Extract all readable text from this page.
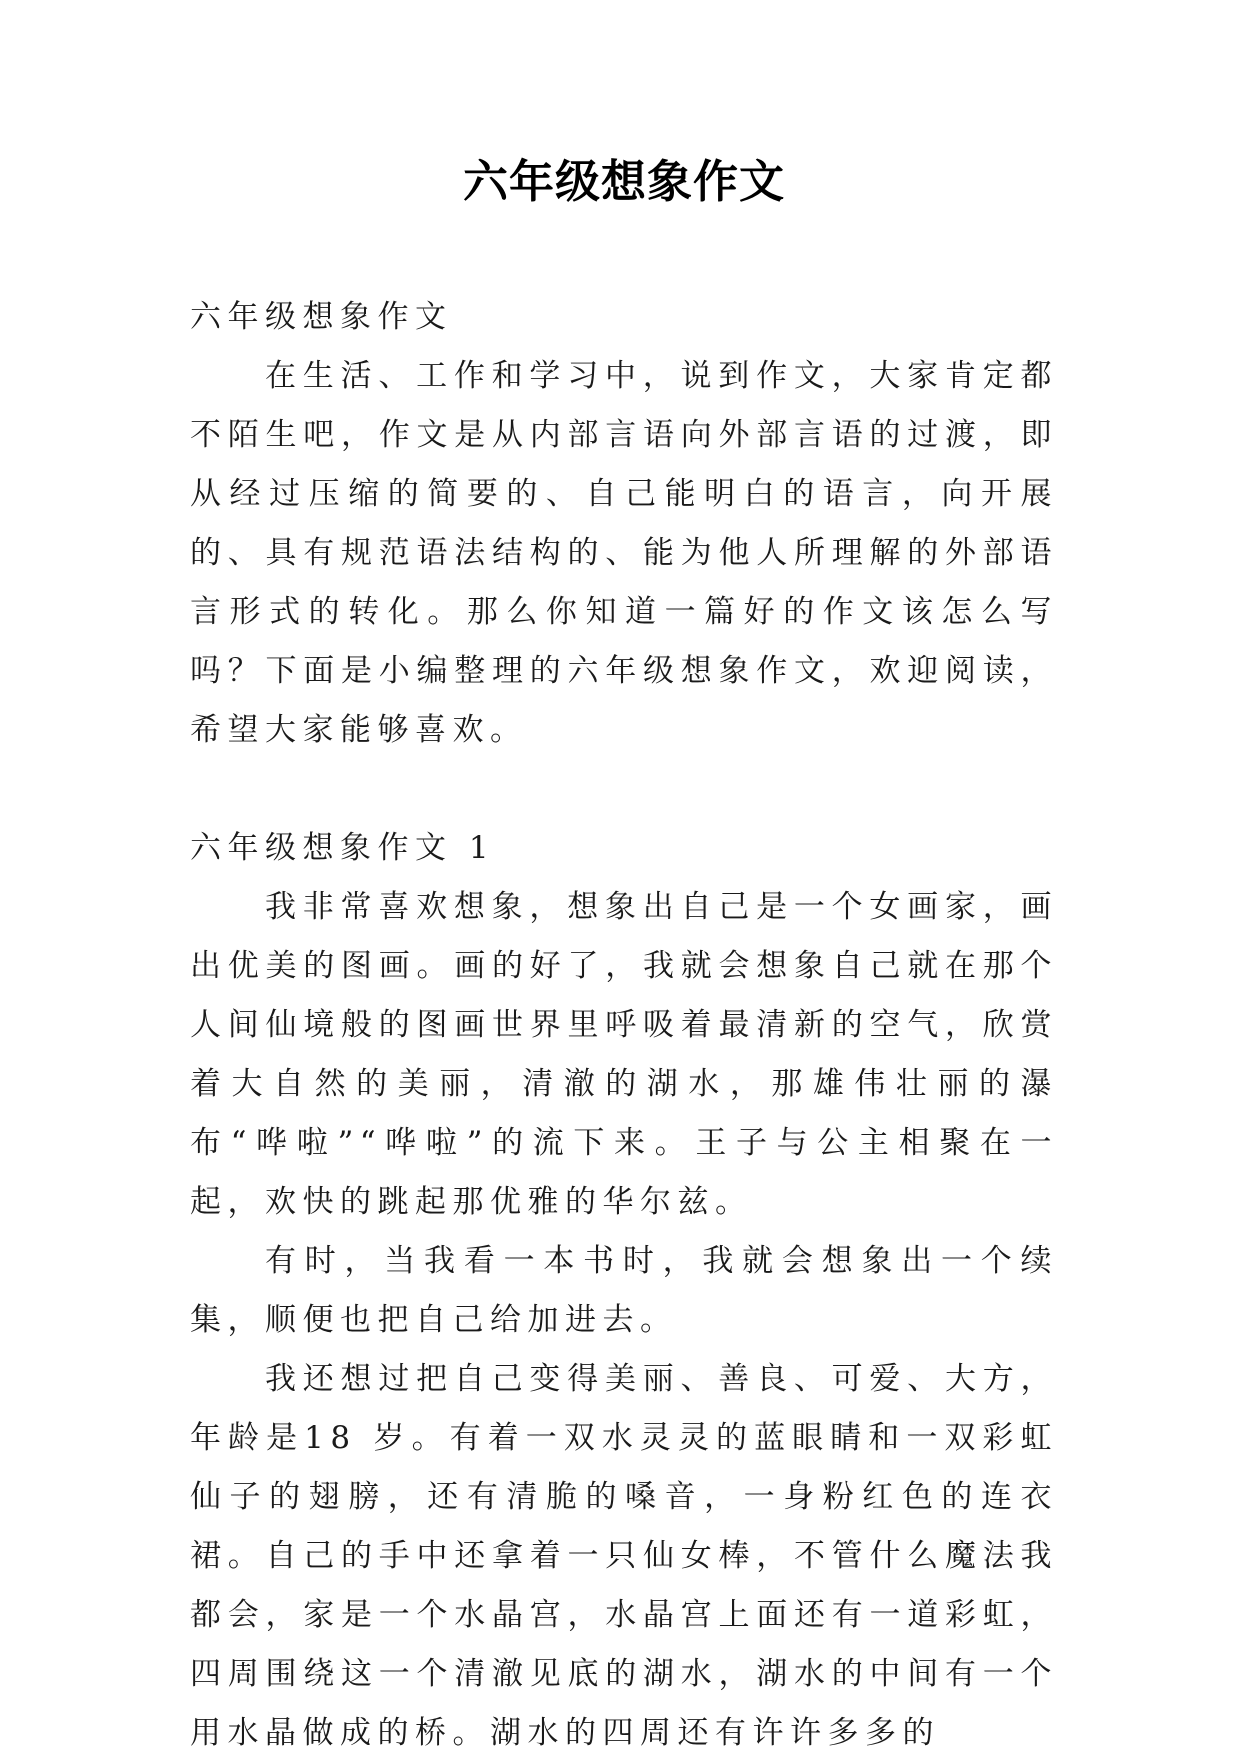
六年级想象作文

六年级想象作文

在生活、工作和学习中，说到作文，大家肯定都不陌生吧，作文是从内部言语向外部言语的过渡，即从经过压缩的简要的、自己能明白的语言，向开展的、具有规范语法结构的、能为他人所理解的外部语言形式的转化。那么你知道一篇好的作文该怎么写吗？下面是小编整理的六年级想象作文，欢迎阅读，希望大家能够喜欢。

六年级想象作文 1

我非常喜欢想象，想象出自己是一个女画家，画出优美的图画。画的好了，我就会想象自己就在那个人间仙境般的图画世界里呼吸着最清新的空气，欣赏着大自然的美丽，清澈的湖水，那雄伟壮丽的瀑布“哗啦”“哗啦”的流下来。王子与公主相聚在一起，欢快的跳起那优雅的华尔兹。

有时，当我看一本书时，我就会想象出一个续集，顺便也把自己给加进去。

我还想过把自己变得美丽、善良、可爱、大方，年龄是18 岁。有着一双水灵灵的蓝眼睛和一双彩虹仙子的翅膀，还有清脆的嗓音，一身粉红色的连衣裙。自己的手中还拿着一只仙女棒，不管什么魔法我都会，家是一个水晶宫，水晶宫上面还有一道彩虹，四周围绕这一个清澈见底的湖水，湖水的中间有一个用水晶做成的桥。湖水的四周还有许许多多的
